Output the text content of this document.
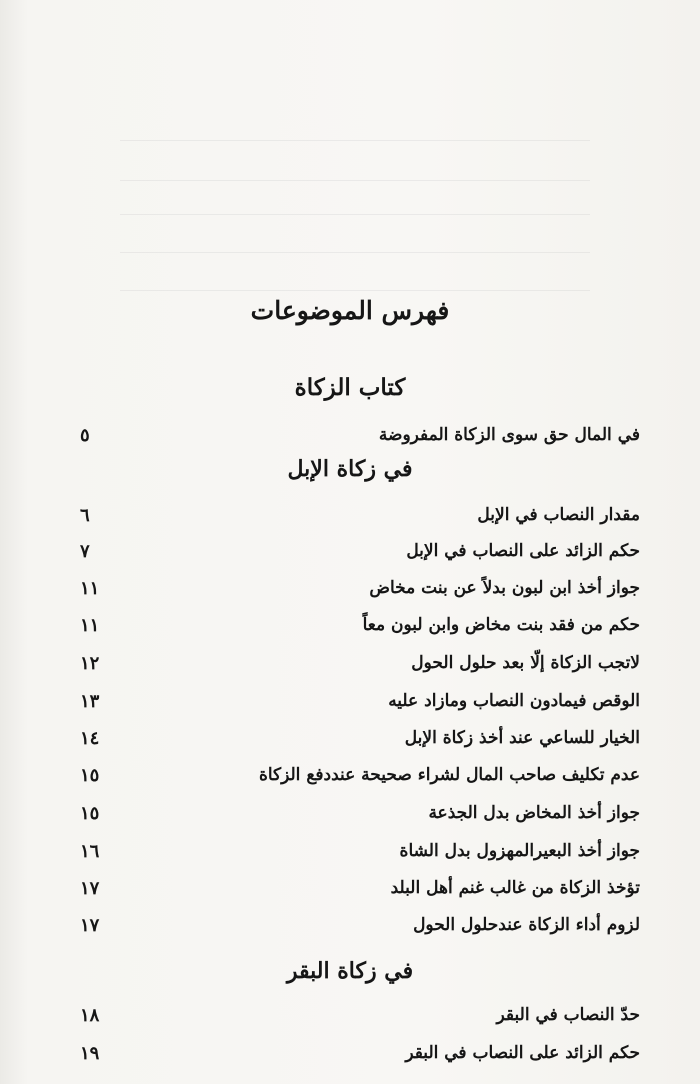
فهرس الموضوعات
كتاب الزكاة
في المال حق سوى الزكاة المفروضة
٥
في زكاة الإبل
مقدار النصاب في الإبل
٦
حكم الزائد على النصاب في الإبل
٧
جواز أخذ ابن لبون بدلاً عن بنت مخاض
١١
حكم من فقد بنت مخاض وابن لبون معاً
١١
لاتجب الزكاة إلّا بعد حلول الحول
١٢
الوقص فيمادون النصاب ومازاد عليه
١٣
الخيار للساعي عند أخذ زكاة الإبل
١٤
عدم تكليف صاحب المال لشراء صحيحة عنددفع الزكاة
١٥
جواز أخذ المخاض بدل الجذعة
١٥
جواز أخذ البعيرالمهزول بدل الشاة
١٦
تؤخذ الزكاة من غالب غنم أهل البلد
١٧
لزوم أداء الزكاة عندحلول الحول
١٧
في زكاة البقر
حدّ النصاب في البقر
١٨
حكم الزائد على النصاب في البقر
١٩
